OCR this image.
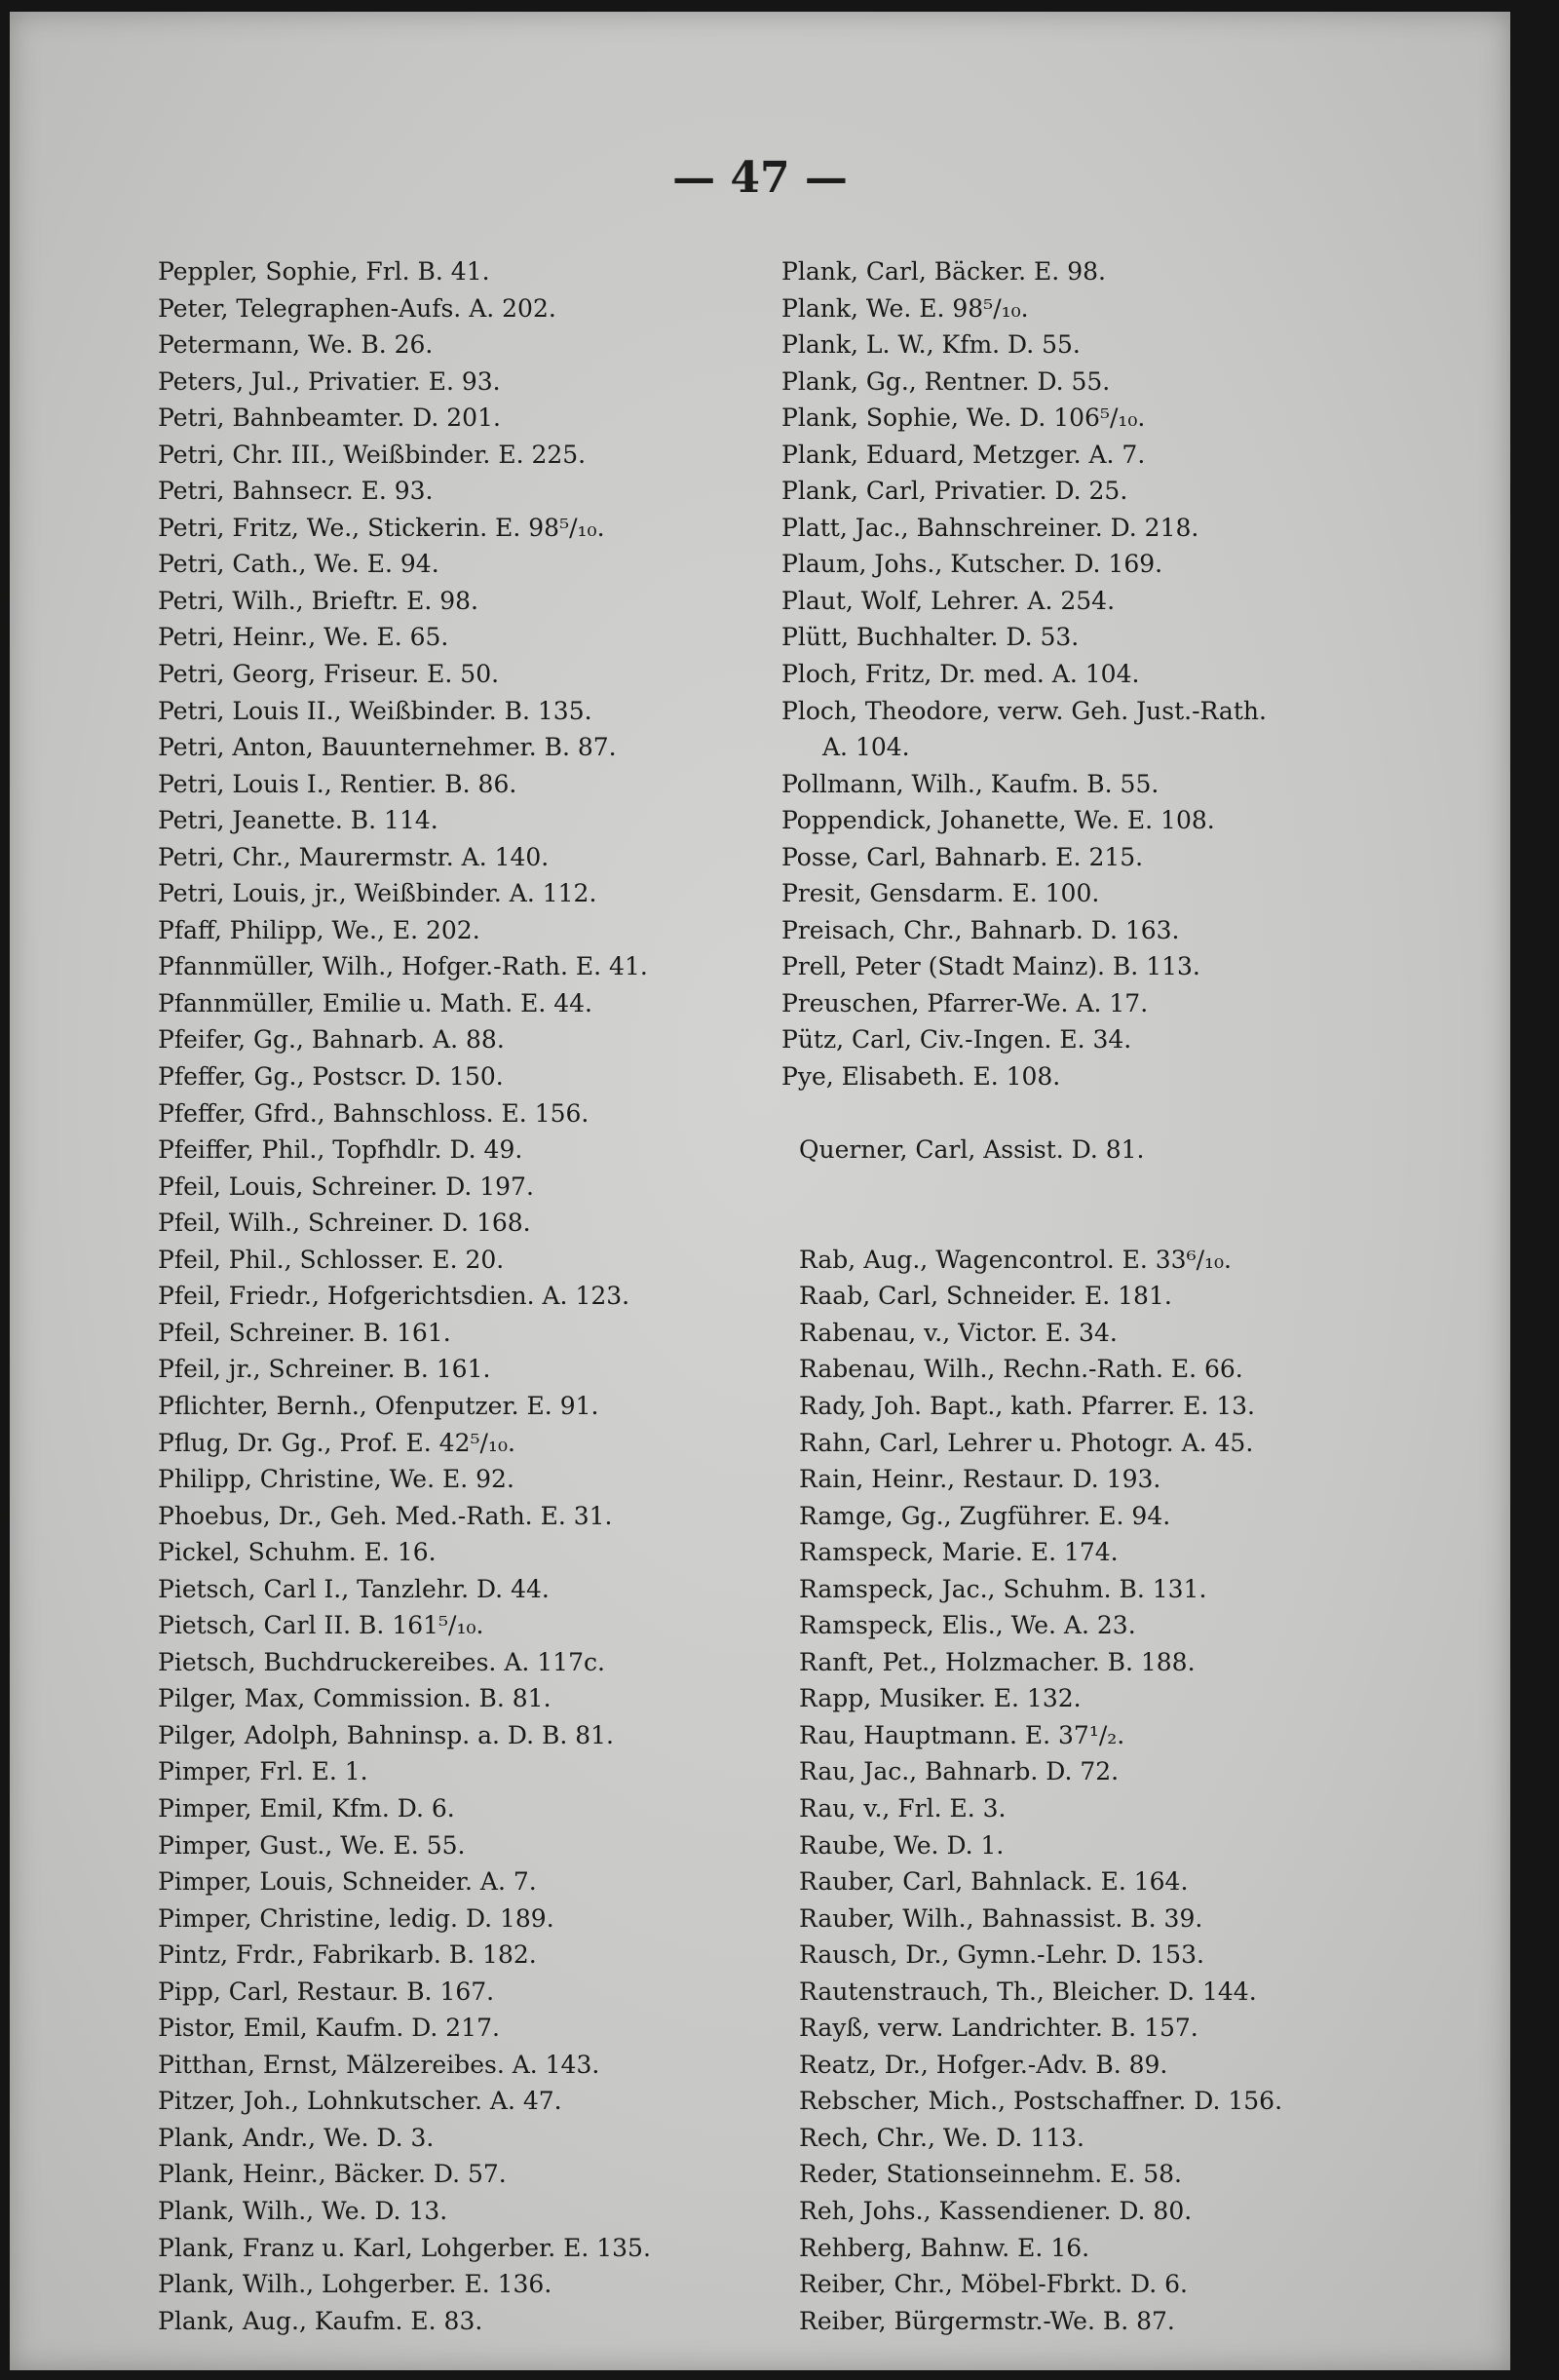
— 47 —
Peppler, Sophie, Frl. B. 41.
Peter, Telegraphen-Aufs. A. 202.
Petermann, We. B. 26.
Peters, Jul., Privatier. E. 93.
Petri, Bahnbeamter. D. 201.
Petri, Chr. III., Weißbinder. E. 225.
Petri, Bahnsecr. E. 93.
Petri, Fritz, We., Stickerin. E. 98⁵/₁₀.
Petri, Cath., We. E. 94.
Petri, Wilh., Brieftr. E. 98.
Petri, Heinr., We. E. 65.
Petri, Georg, Friseur. E. 50.
Petri, Louis II., Weißbinder. B. 135.
Petri, Anton, Bauunternehmer. B. 87.
Petri, Louis I., Rentier. B. 86.
Petri, Jeanette. B. 114.
Petri, Chr., Maurermstr. A. 140.
Petri, Louis, jr., Weißbinder. A. 112.
Pfaff, Philipp, We., E. 202.
Pfannmüller, Wilh., Hofger.-Rath. E. 41.
Pfannmüller, Emilie u. Math. E. 44.
Pfeifer, Gg., Bahnarb. A. 88.
Pfeffer, Gg., Postscr. D. 150.
Pfeffer, Gfrd., Bahnschloss. E. 156.
Pfeiffer, Phil., Topfhdlr. D. 49.
Pfeil, Louis, Schreiner. D. 197.
Pfeil, Wilh., Schreiner. D. 168.
Pfeil, Phil., Schlosser. E. 20.
Pfeil, Friedr., Hofgerichtsdien. A. 123.
Pfeil, Schreiner. B. 161.
Pfeil, jr., Schreiner. B. 161.
Pflichter, Bernh., Ofenputzer. E. 91.
Pflug, Dr. Gg., Prof. E. 42⁵/₁₀.
Philipp, Christine, We. E. 92.
Phoebus, Dr., Geh. Med.-Rath. E. 31.
Pickel, Schuhm. E. 16.
Pietsch, Carl I., Tanzlehr. D. 44.
Pietsch, Carl II. B. 161⁵/₁₀.
Pietsch, Buchdruckereibes. A. 117c.
Pilger, Max, Commission. B. 81.
Pilger, Adolph, Bahninsp. a. D. B. 81.
Pimper, Frl. E. 1.
Pimper, Emil, Kfm. D. 6.
Pimper, Gust., We. E. 55.
Pimper, Louis, Schneider. A. 7.
Pimper, Christine, ledig. D. 189.
Pintz, Frdr., Fabrikarb. B. 182.
Pipp, Carl, Restaur. B. 167.
Pistor, Emil, Kaufm. D. 217.
Pitthan, Ernst, Mälzereibes. A. 143.
Pitzer, Joh., Lohnkutscher. A. 47.
Plank, Andr., We. D. 3.
Plank, Heinr., Bäcker. D. 57.
Plank, Wilh., We. D. 13.
Plank, Franz u. Karl, Lohgerber. E. 135.
Plank, Wilh., Lohgerber. E. 136.
Plank, Aug., Kaufm. E. 83.
Plank, Carl, Bäcker. E. 98.
Plank, We. E. 98⁵/₁₀.
Plank, L. W., Kfm. D. 55.
Plank, Gg., Rentner. D. 55.
Plank, Sophie, We. D. 106⁵/₁₀.
Plank, Eduard, Metzger. A. 7.
Plank, Carl, Privatier. D. 25.
Platt, Jac., Bahnschreiner. D. 218.
Plaum, Johs., Kutscher. D. 169.
Plaut, Wolf, Lehrer. A. 254.
Plütt, Buchhalter. D. 53.
Ploch, Fritz, Dr. med. A. 104.
Ploch, Theodore, verw. Geh. Just.-Rath.
A. 104.
Pollmann, Wilh., Kaufm. B. 55.
Poppendick, Johanette, We. E. 108.
Posse, Carl, Bahnarb. E. 215.
Presit, Gensdarm. E. 100.
Preisach, Chr., Bahnarb. D. 163.
Prell, Peter (Stadt Mainz). B. 113.
Preuschen, Pfarrer-We. A. 17.
Pütz, Carl, Civ.-Ingen. E. 34.
Pye, Elisabeth. E. 108.
Querner, Carl, Assist. D. 81.
Rab, Aug., Wagencontrol. E. 33⁶/₁₀.
Raab, Carl, Schneider. E. 181.
Rabenau, v., Victor. E. 34.
Rabenau, Wilh., Rechn.-Rath. E. 66.
Rady, Joh. Bapt., kath. Pfarrer. E. 13.
Rahn, Carl, Lehrer u. Photogr. A. 45.
Rain, Heinr., Restaur. D. 193.
Ramge, Gg., Zugführer. E. 94.
Ramspeck, Marie. E. 174.
Ramspeck, Jac., Schuhm. B. 131.
Ramspeck, Elis., We. A. 23.
Ranft, Pet., Holzmacher. B. 188.
Rapp, Musiker. E. 132.
Rau, Hauptmann. E. 37¹/₂.
Rau, Jac., Bahnarb. D. 72.
Rau, v., Frl. E. 3.
Raube, We. D. 1.
Rauber, Carl, Bahnlack. E. 164.
Rauber, Wilh., Bahnassist. B. 39.
Rausch, Dr., Gymn.-Lehr. D. 153.
Rautenstrauch, Th., Bleicher. D. 144.
Rayß, verw. Landrichter. B. 157.
Reatz, Dr., Hofger.-Adv. B. 89.
Rebscher, Mich., Postschaffner. D. 156.
Rech, Chr., We. D. 113.
Reder, Stationseinnehm. E. 58.
Reh, Johs., Kassendiener. D. 80.
Rehberg, Bahnw. E. 16.
Reiber, Chr., Möbel-Fbrkt. D. 6.
Reiber, Bürgermstr.-We. B. 87.
